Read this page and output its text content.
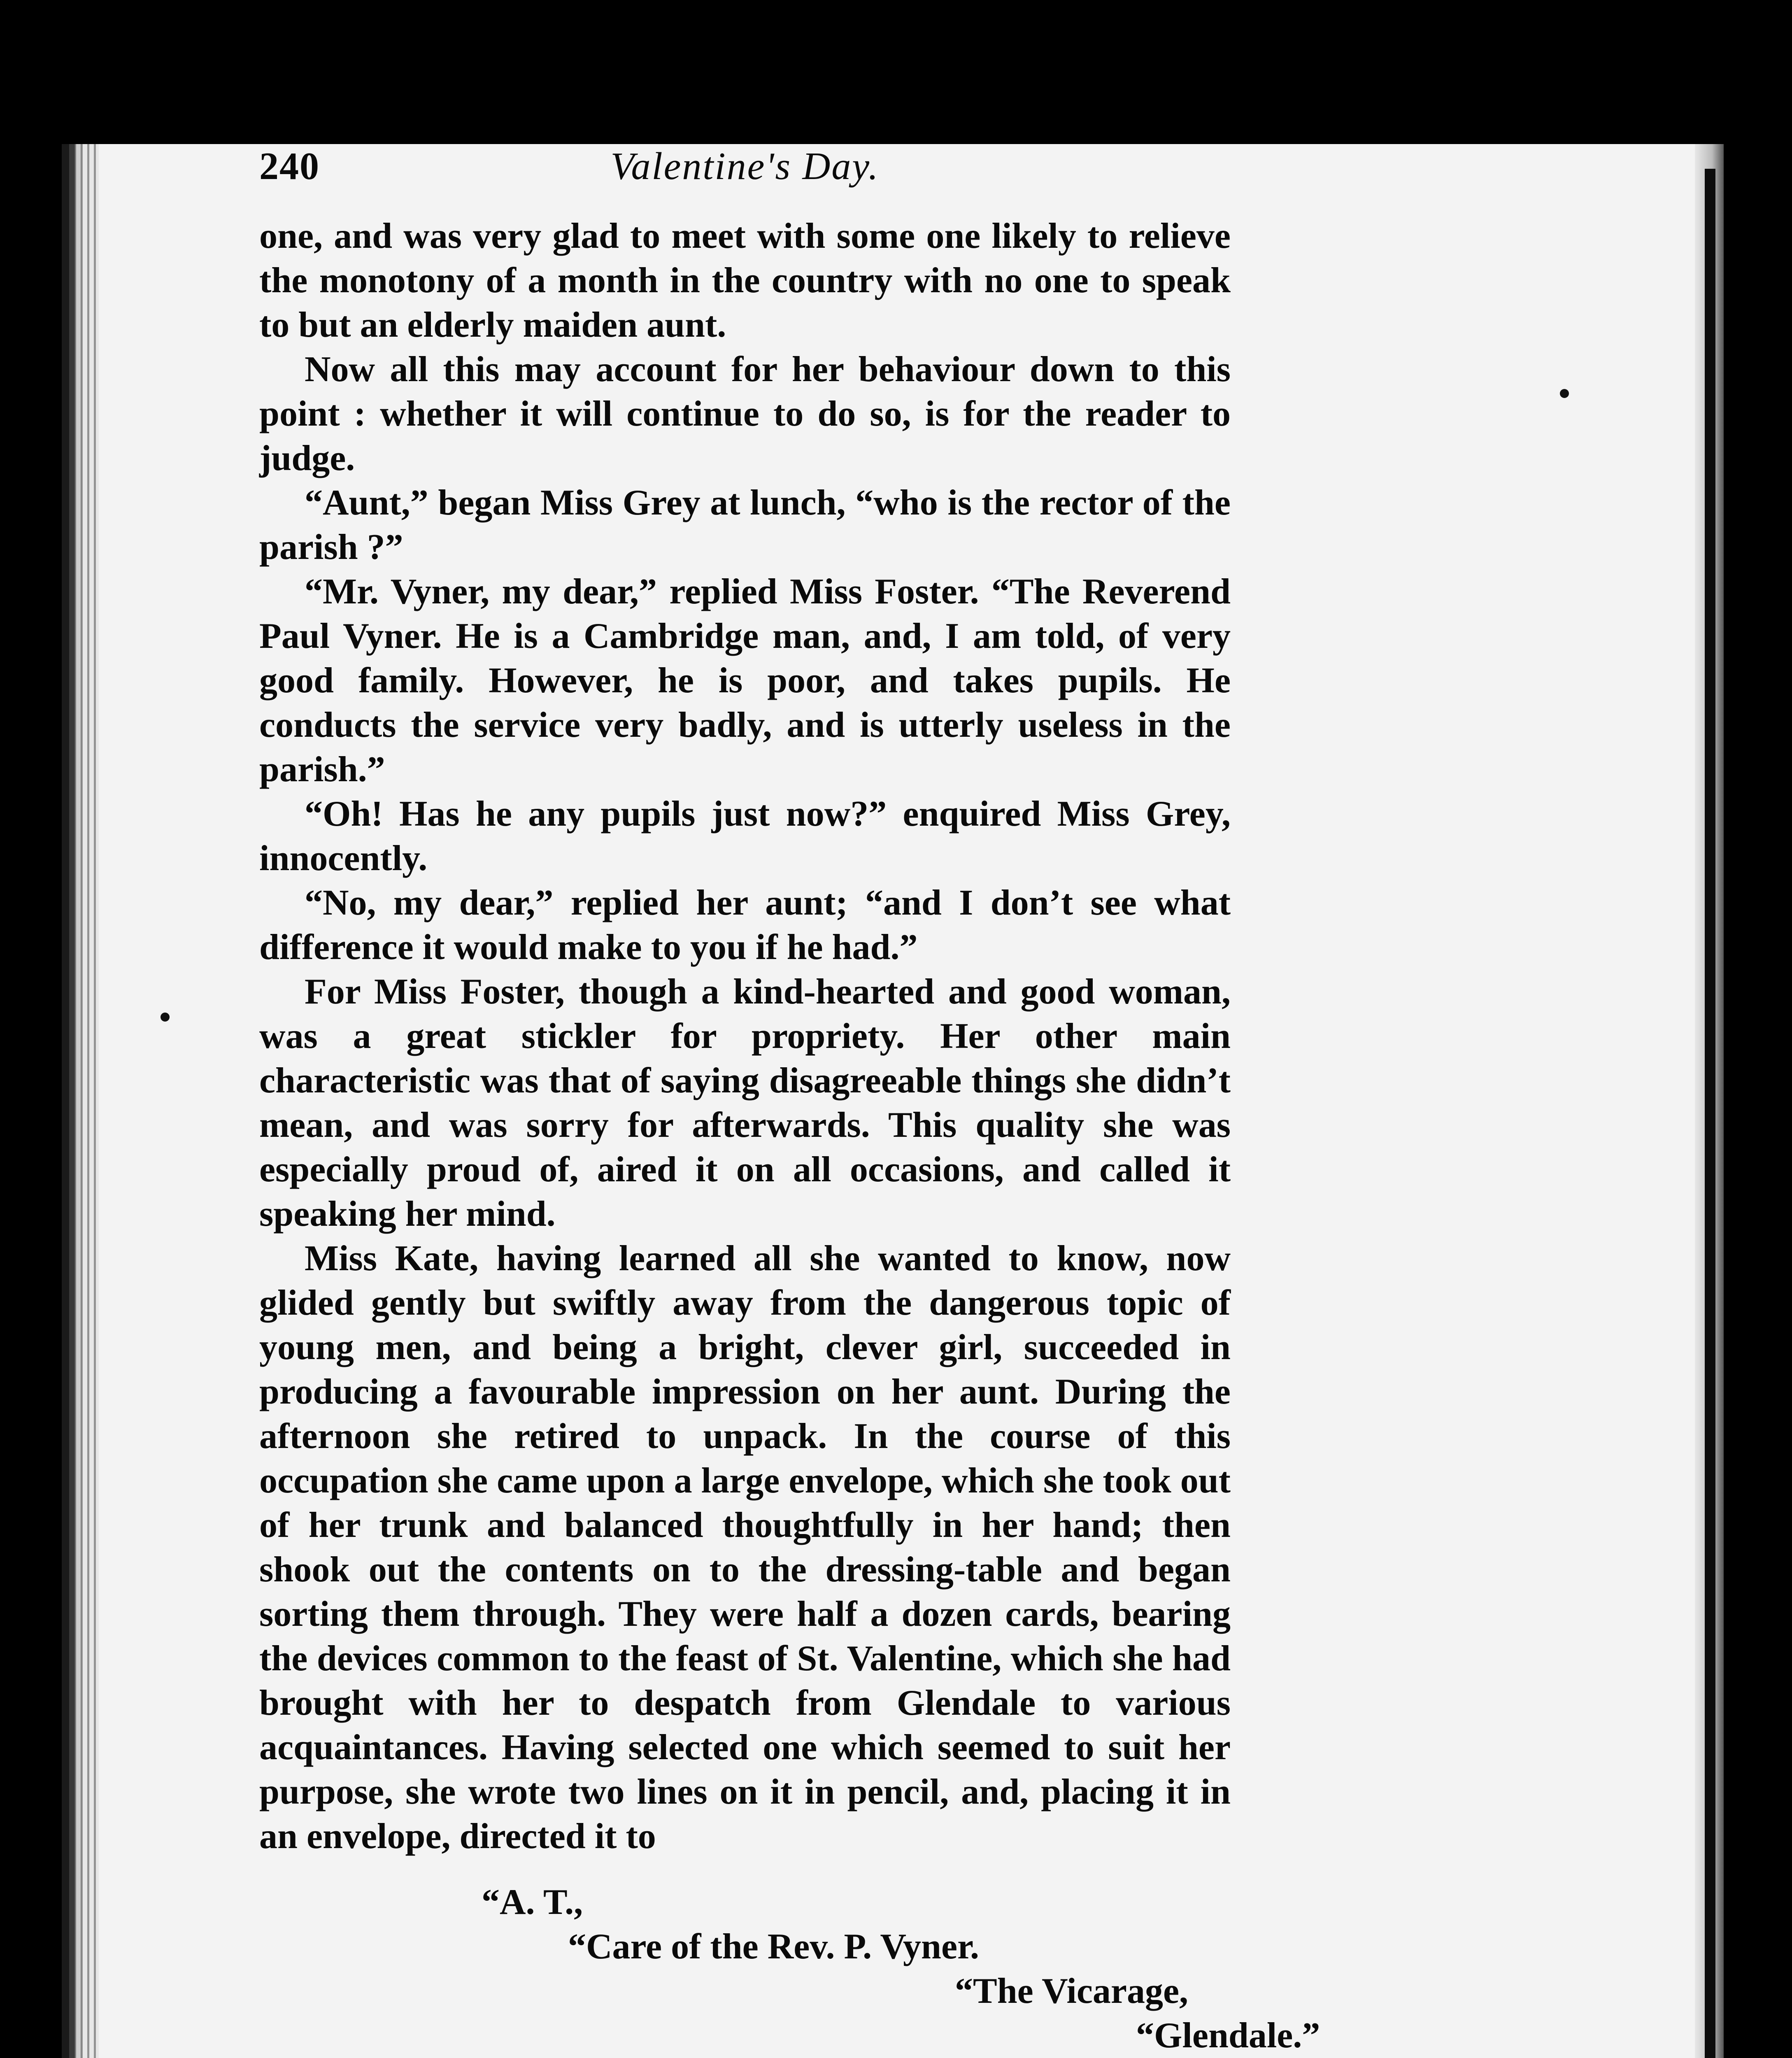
240	Valentine's Day.

one, and was very glad to meet with some one likely to relieve the monotony of a month in the country with no one to speak to but an elderly maiden aunt.

Now all this may account for her behaviour down to this point : whether it will continue to do so, is for the reader to judge.

“Aunt,” began Miss Grey at lunch, “who is the rector of the parish ?”

“Mr. Vyner, my dear,” replied Miss Foster. “The Reverend Paul Vyner. He is a Cambridge man, and, I am told, of very good family. However, he is poor, and takes pupils. He conducts the service very badly, and is utterly useless in the parish.”

“Oh! Has he any pupils just now?” enquired Miss Grey, innocently.

“No, my dear,” replied her aunt; “and I don’t see what difference it would make to you if he had.”

For Miss Foster, though a kind-hearted and good woman, was a great stickler for propriety. Her other main characteristic was that of saying disagreeable things she didn’t mean, and was sorry for afterwards. This quality she was especially proud of, aired it on all occasions, and called it speaking her mind.

Miss Kate, having learned all she wanted to know, now glided gently but swiftly away from the dangerous topic of young men, and being a bright, clever girl, succeeded in producing a favourable impression on her aunt. During the afternoon she retired to unpack. In the course of this occupation she came upon a large envelope, which she took out of her trunk and balanced thoughtfully in her hand; then shook out the contents on to the dressing-table and began sorting them through. They were half a dozen cards, bearing the devices common to the feast of St. Valentine, which she had brought with her to despatch from Glendale to various acquaintances. Having selected one which seemed to suit her purpose, she wrote two lines on it in pencil, and, placing it in an envelope, directed it to

“A. T.,
“Care of the Rev. P. Vyner.
“The Vicarage,
“Glendale.”
